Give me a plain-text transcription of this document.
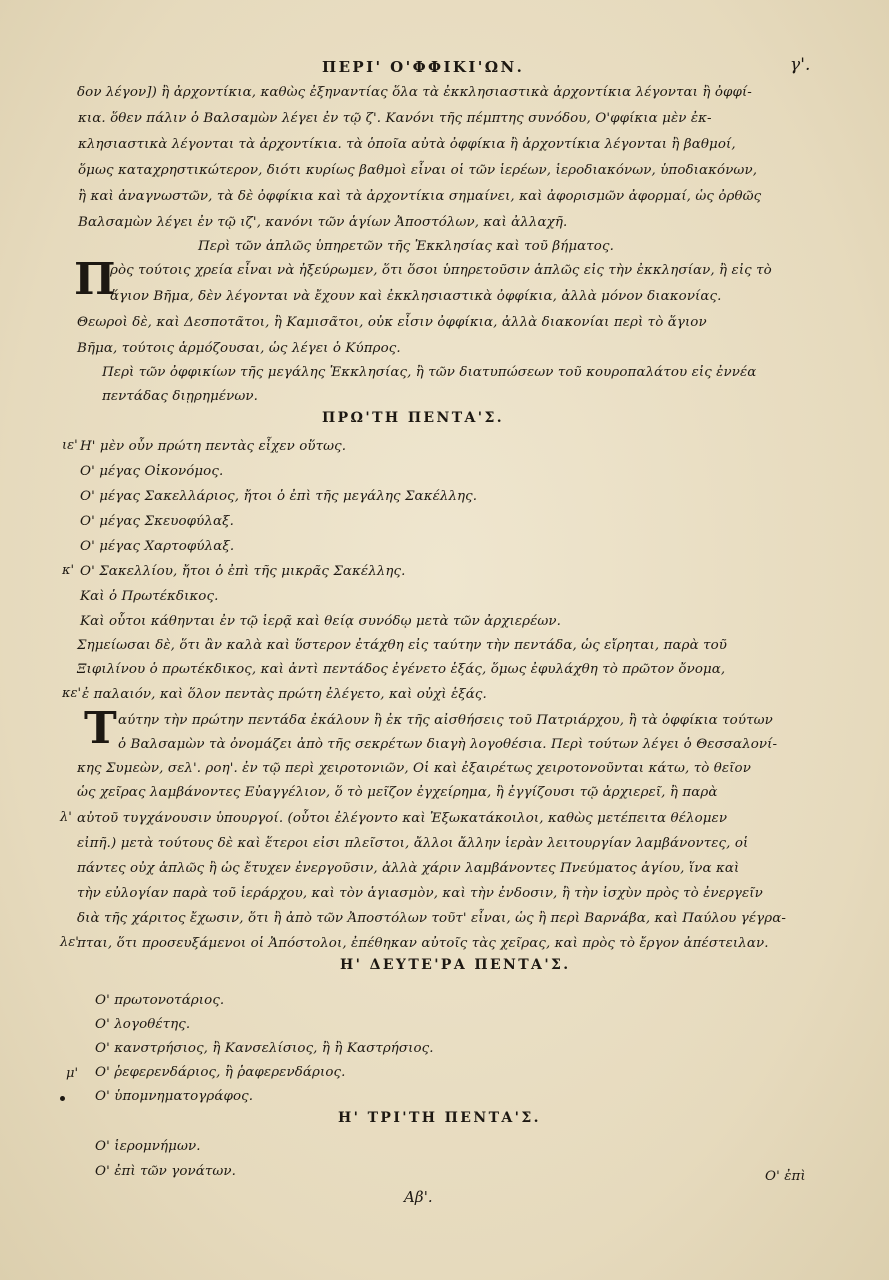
ΠΕΡΙ' Ο'ΦΦΙΚΙ'ΩΝ.	γ'.
δον λέγον]) ἢ ἀρχοντίκια, καθὼς ἐξηναντίας ὅλα τὰ ἐκκλησιαστικὰ ἀρχοντίκια λέγονται ἢ ὀφφί-
κια. ὅθεν πάλιν ὁ Βαλσαμὼν λέγει ἐν τῷ ζ'. Κανόνι τῆς πέμπτης συνόδου, Ο'φφίκια μὲν ἐκ-
κλησιαστικὰ λέγονται τὰ ἀρχοντίκια. τὰ ὁποῖα αὐτὰ ὀφφίκια ἢ ἀρχοντίκια λέγονται ἢ βαθμοί,
ὅμως καταχρηστικώτερον, διότι κυρίως βαθμοὶ εἶναι οἱ τῶν ἱερέων, ἱεροδιακόνων, ὑποδιακόνων,
ἢ καὶ ἀναγνωστῶν, τὰ δὲ ὀφφίκια καὶ τὰ ἀρχοντίκια σημαίνει, καὶ ἀφορισμῶν ἀφορμαί, ὡς ὀρθῶς
Βαλσαμὼν λέγει ἐν τῷ ιζ', κανόνι τῶν ἁγίων Ἀποστόλων, καὶ ἀλλαχῆ.
Περὶ τῶν ἁπλῶς ὑπηρετῶν τῆς Ἐκκλησίας καὶ τοῦ βήματος.
Π
ρὸς τούτοις χρεία εἶναι νὰ ἠξεύρωμεν, ὅτι ὅσοι ὑπηρετοῦσιν ἁπλῶς εἰς τὴν ἐκκλησίαν, ἢ εἰς τὸ
ἅγιον Βῆμα, δὲν λέγονται νὰ ἔχουν καὶ ἐκκλησιαστικὰ ὀφφίκια, ἀλλὰ μόνον διακονίας.
Θεωροὶ δὲ, καὶ Δεσποτᾶτοι, ἢ Καμισᾶτοι, οὐκ εἶσιν ὀφφίκια, ἀλλὰ διακονίαι περὶ τὸ ἅγιον
Βῆμα, τούτοις ἁρμόζουσαι, ὡς λέγει ὁ Κύπρος.
Περὶ τῶν ὀφφικίων τῆς μεγάλης Ἐκκλησίας, ἢ τῶν διατυπώσεων τοῦ κουροπαλάτου εἰς ἐννέα
πεντάδας διῃρημένων.
ΠΡΩ'ΤΗ ΠΕΝΤΑ'Σ.
ιε' Η' μὲν οὖν πρώτη πεντὰς εἶχεν οὕτως.
Ο' μέγας Οἰκονόμος.
Ο' μέγας Σακελλάριος, ἤτοι ὁ ἐπὶ τῆς μεγάλης Σακέλλης.
Ο' μέγας Σκευοφύλαξ.
Ο' μέγας Χαρτοφύλαξ.
κ' Ο' Σακελλίου, ἤτοι ὁ ἐπὶ τῆς μικρᾶς Σακέλλης.
Καὶ ὁ Πρωτέκδικος.
Καὶ οὗτοι κάθηνται ἐν τῷ ἱερᾷ καὶ θείᾳ συνόδῳ μετὰ τῶν ἀρχιερέων.
Σημείωσαι δὲ, ὅτι ἂν καλὰ καὶ ὕστερον ἐτάχθη εἰς ταύτην τὴν πεντάδα, ὡς εἴρηται, παρὰ τοῦ
Ξιφιλίνου ὁ πρωτέκδικος, καὶ ἀντὶ πεντάδος ἐγένετο ἑξάς, ὅμως ἐφυλάχθη τὸ πρῶτον ὄνομα,
κε' ἐ παλαιόν, καὶ ὅλον πεντὰς πρώτη ἐλέγετο, καὶ οὐχὶ ἑξάς.
Τ αύτην τὴν πρώτην πεντάδα ἐκάλουν ἢ ἐκ τῆς αἰσθήσεις τοῦ Πατριάρχου, ἢ τὰ ὀφφίκια τούτων
ὁ Βαλσαμὼν τὰ ὀνομάζει ἀπὸ τῆς σεκρέτων διαγὴ λογοθέσια. Περὶ τούτων λέγει ὁ Θεσσαλονί-
κης Συμεὼν, σελ'. ροη'. ἐν τῷ περὶ χειροτονιῶν, Οἱ καὶ ἐξαιρέτως χειροτονοῦνται κάτω, τὸ θεῖον
ὡς χεῖρας λαμβάνοντες Εὐαγγέλιον, ὅ τὸ μεῖζον ἐγχείρημα, ἢ ἐγγίζουσι τῷ ἀρχιερεῖ, ἢ παρὰ
λ' αὐτοῦ τυγχάνουσιν ὑπουργοί. (οὗτοι ἐλέγοντο καὶ Ἐξωκατάκοιλοι, καθὼς μετέπειτα θέλομεν
εἰπῆ.) μετὰ τούτους δὲ καὶ ἕτεροι εἰσι πλεῖστοι, ἄλλοι ἄλλην ἱερὰν λειτουργίαν λαμβάνοντες, οἱ
πάντες οὐχ ἁπλῶς ἢ ὡς ἔτυχεν ἐνεργοῦσιν, ἀλλὰ χάριν λαμβάνοντες Πνεύματος ἁγίου, ἵνα καὶ
τὴν εὐλογίαν παρὰ τοῦ ἱεράρχου, καὶ τὸν ἁγιασμὸν, καὶ τὴν ἐνδοσιν, ἢ τὴν ἰσχὺν πρὸς τὸ ἐνεργεῖν
διὰ τῆς χάριτος ἔχωσιν, ὅτι ἢ ἀπὸ τῶν Ἀποστόλων τοῦτ' εἶναι, ὡς ἢ περὶ Βαρνάβα, καὶ Παύλου γέγρα-
λε'
πται, ὅτι προσευξάμενοι οἱ Ἀπόστολοι, ἐπέθηκαν αὐτοῖς τὰς χεῖρας, καὶ πρὸς τὸ ἔργον ἀπέστειλαν.
Η' ΔΕΥΤΕ'ΡΑ ΠΕΝΤΑ'Σ.
Ο' πρωτονοτάριος.
Ο' λογοθέτης.
Ο' κανστρήσιος, ἢ Κανσελίσιος, ἢ ἢ Καστρήσιος.
μ' Ο' ῥεφερενδάριος, ἢ ῥαφερενδάριος.
Ο' ὑπομνηματογράφος.
Η' ΤΡΙ'ΤΗ ΠΕΝΤΑ'Σ.
Ο' ἱερομνήμων.
Ο' ἐπὶ τῶν γονάτων.
Αβ'.
Ο' ἐπὶ
